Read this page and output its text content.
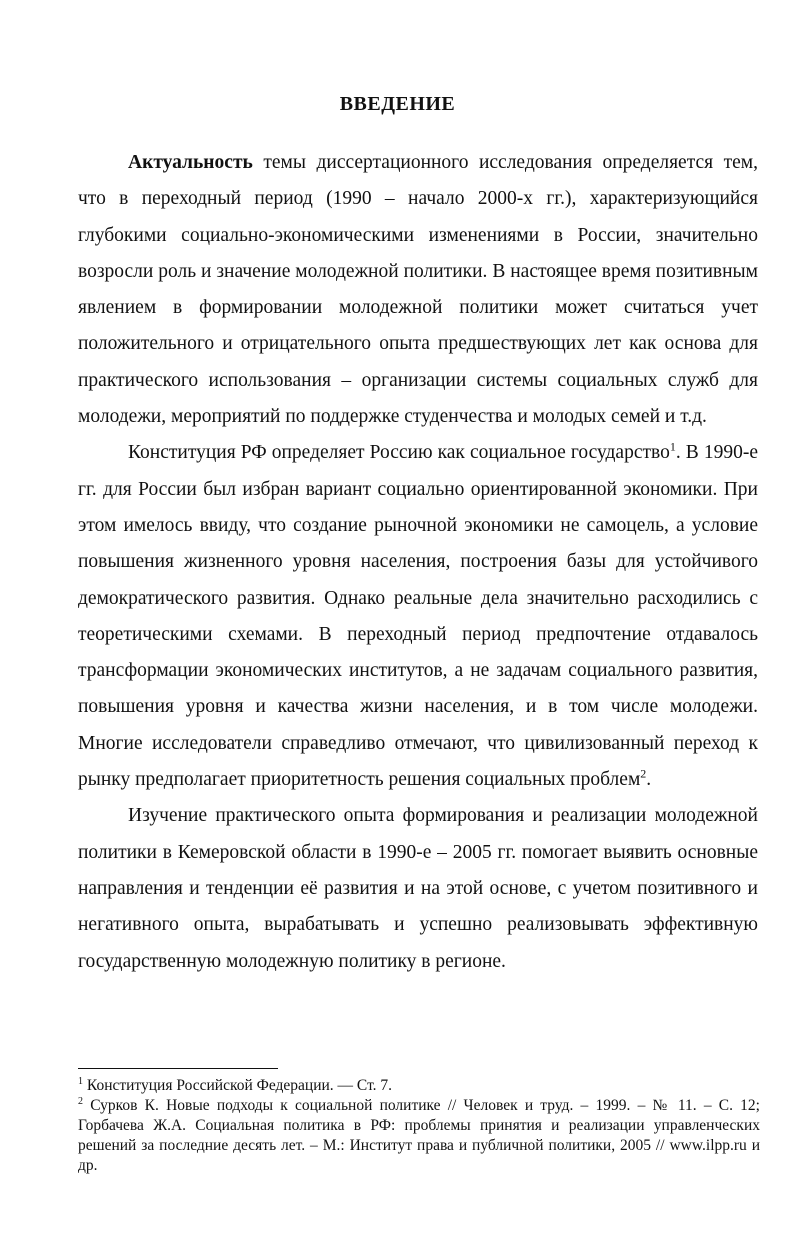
ВВЕДЕНИЕ

Актуальность темы диссертационного исследования определяется тем, что в переходный период (1990 – начало 2000-х гг.), характеризующийся глубокими социально-экономическими изменениями в России, значительно возросли роль и значение молодежной политики. В настоящее время позитивным явлением в формировании молодежной политики может считаться учет положительного и отрицательного опыта предшествующих лет как основа для практического использования – организации системы социальных служб для молодежи, мероприятий по поддержке студенчества и молодых семей и т.д.

Конституция РФ определяет Россию как социальное государство$^1$. В 1990-е гг. для России был избран вариант социально ориентированной экономики. При этом имелось ввиду, что создание рыночной экономики не самоцель, а условие повышения жизненного уровня населения, построения базы для устойчивого демократического развития. Однако реальные дела значительно расходились с теоретическими схемами. В переходный период предпочтение отдавалось трансформации экономических институтов, а не задачам социального развития, повышения уровня и качества жизни населения, и в том числе молодежи. Многие исследователи справедливо отмечают, что цивилизованный переход к рынку предполагает приоритетность решения социальных проблем$^2$.

Изучение практического опыта формирования и реализации молодежной политики в Кемеровской области в 1990-е – 2005 гг. помогает выявить основные направления и тенденции её развития и на этой основе, с учетом позитивного и негативного опыта, вырабатывать и успешно реализовывать эффективную государственную молодежную политику в регионе.

$^1$ Конституция Российской Федерации. — Ст. 7.

$^2$ Сурков К. Новые подходы к социальной политике // Человек и труд. – 1999. – № 11. – С. 12; Горбачева Ж.А. Социальная политика в РФ: проблемы принятия и реализации управленческих решений за последние десять лет. – М.: Институт права и публичной политики, 2005 // www.ilpp.ru и др.
